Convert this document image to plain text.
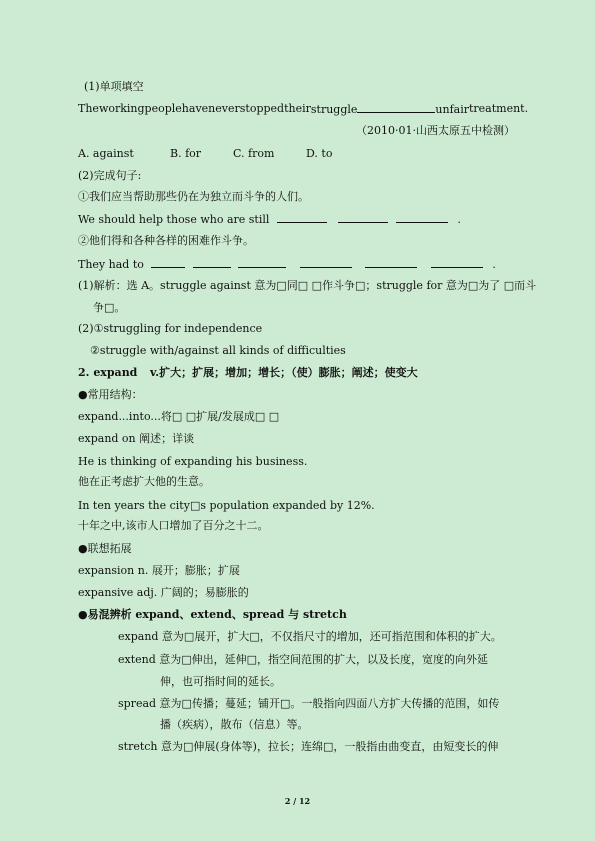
(1)单项填空
The working people have never stopped their struggle	unfair treatment.
（2010·01·山西太原五中检测）
A. against	B. for	C. from	D. to
(2)完成句子:
①我们应当帮助那些仍在为独立而斗争的人们。
We should help those who are still	.
②他们得和各种各样的困难作斗争。
They had to	.
(1)解析：选 A。struggle against 意为□同□ □作斗争□；struggle for 意为□为了 □而斗
争□。
(2)①struggling for independence
②struggle with/against all kinds of difficulties
2. expand v.扩大；扩展；增加；增长；（使）膨胀；阐述；使变大
●常用结构：
expand...into...将□ □扩展/发展成□ □
expand on 阐述；详谈
He is thinking of expanding his business.
他在正考虑扩大他的生意。
In ten years the city□s population expanded by 12%.
十年之中,该市人口增加了百分之十二。
●联想拓展
expansion n. 展开；膨胀；扩展
expansive adj. 广阔的；易膨胀的
●易混辨析 expand、extend、spread 与 stretch
expand 意为□展开，扩大□，不仅指尺寸的增加，还可指范围和体积的扩大。
extend 意为□伸出，延伸□，指空间范围的扩大，以及长度，宽度的向外延
伸，也可指时间的延长。
spread 意为□传播；蔓延；铺开□。一般指向四面八方扩大传播的范围，如传
播（疾病），散布（信息）等。
stretch 意为□伸展(身体等)，拉长；连绵□，一般指由曲变直，由短变长的伸
2 / 12
